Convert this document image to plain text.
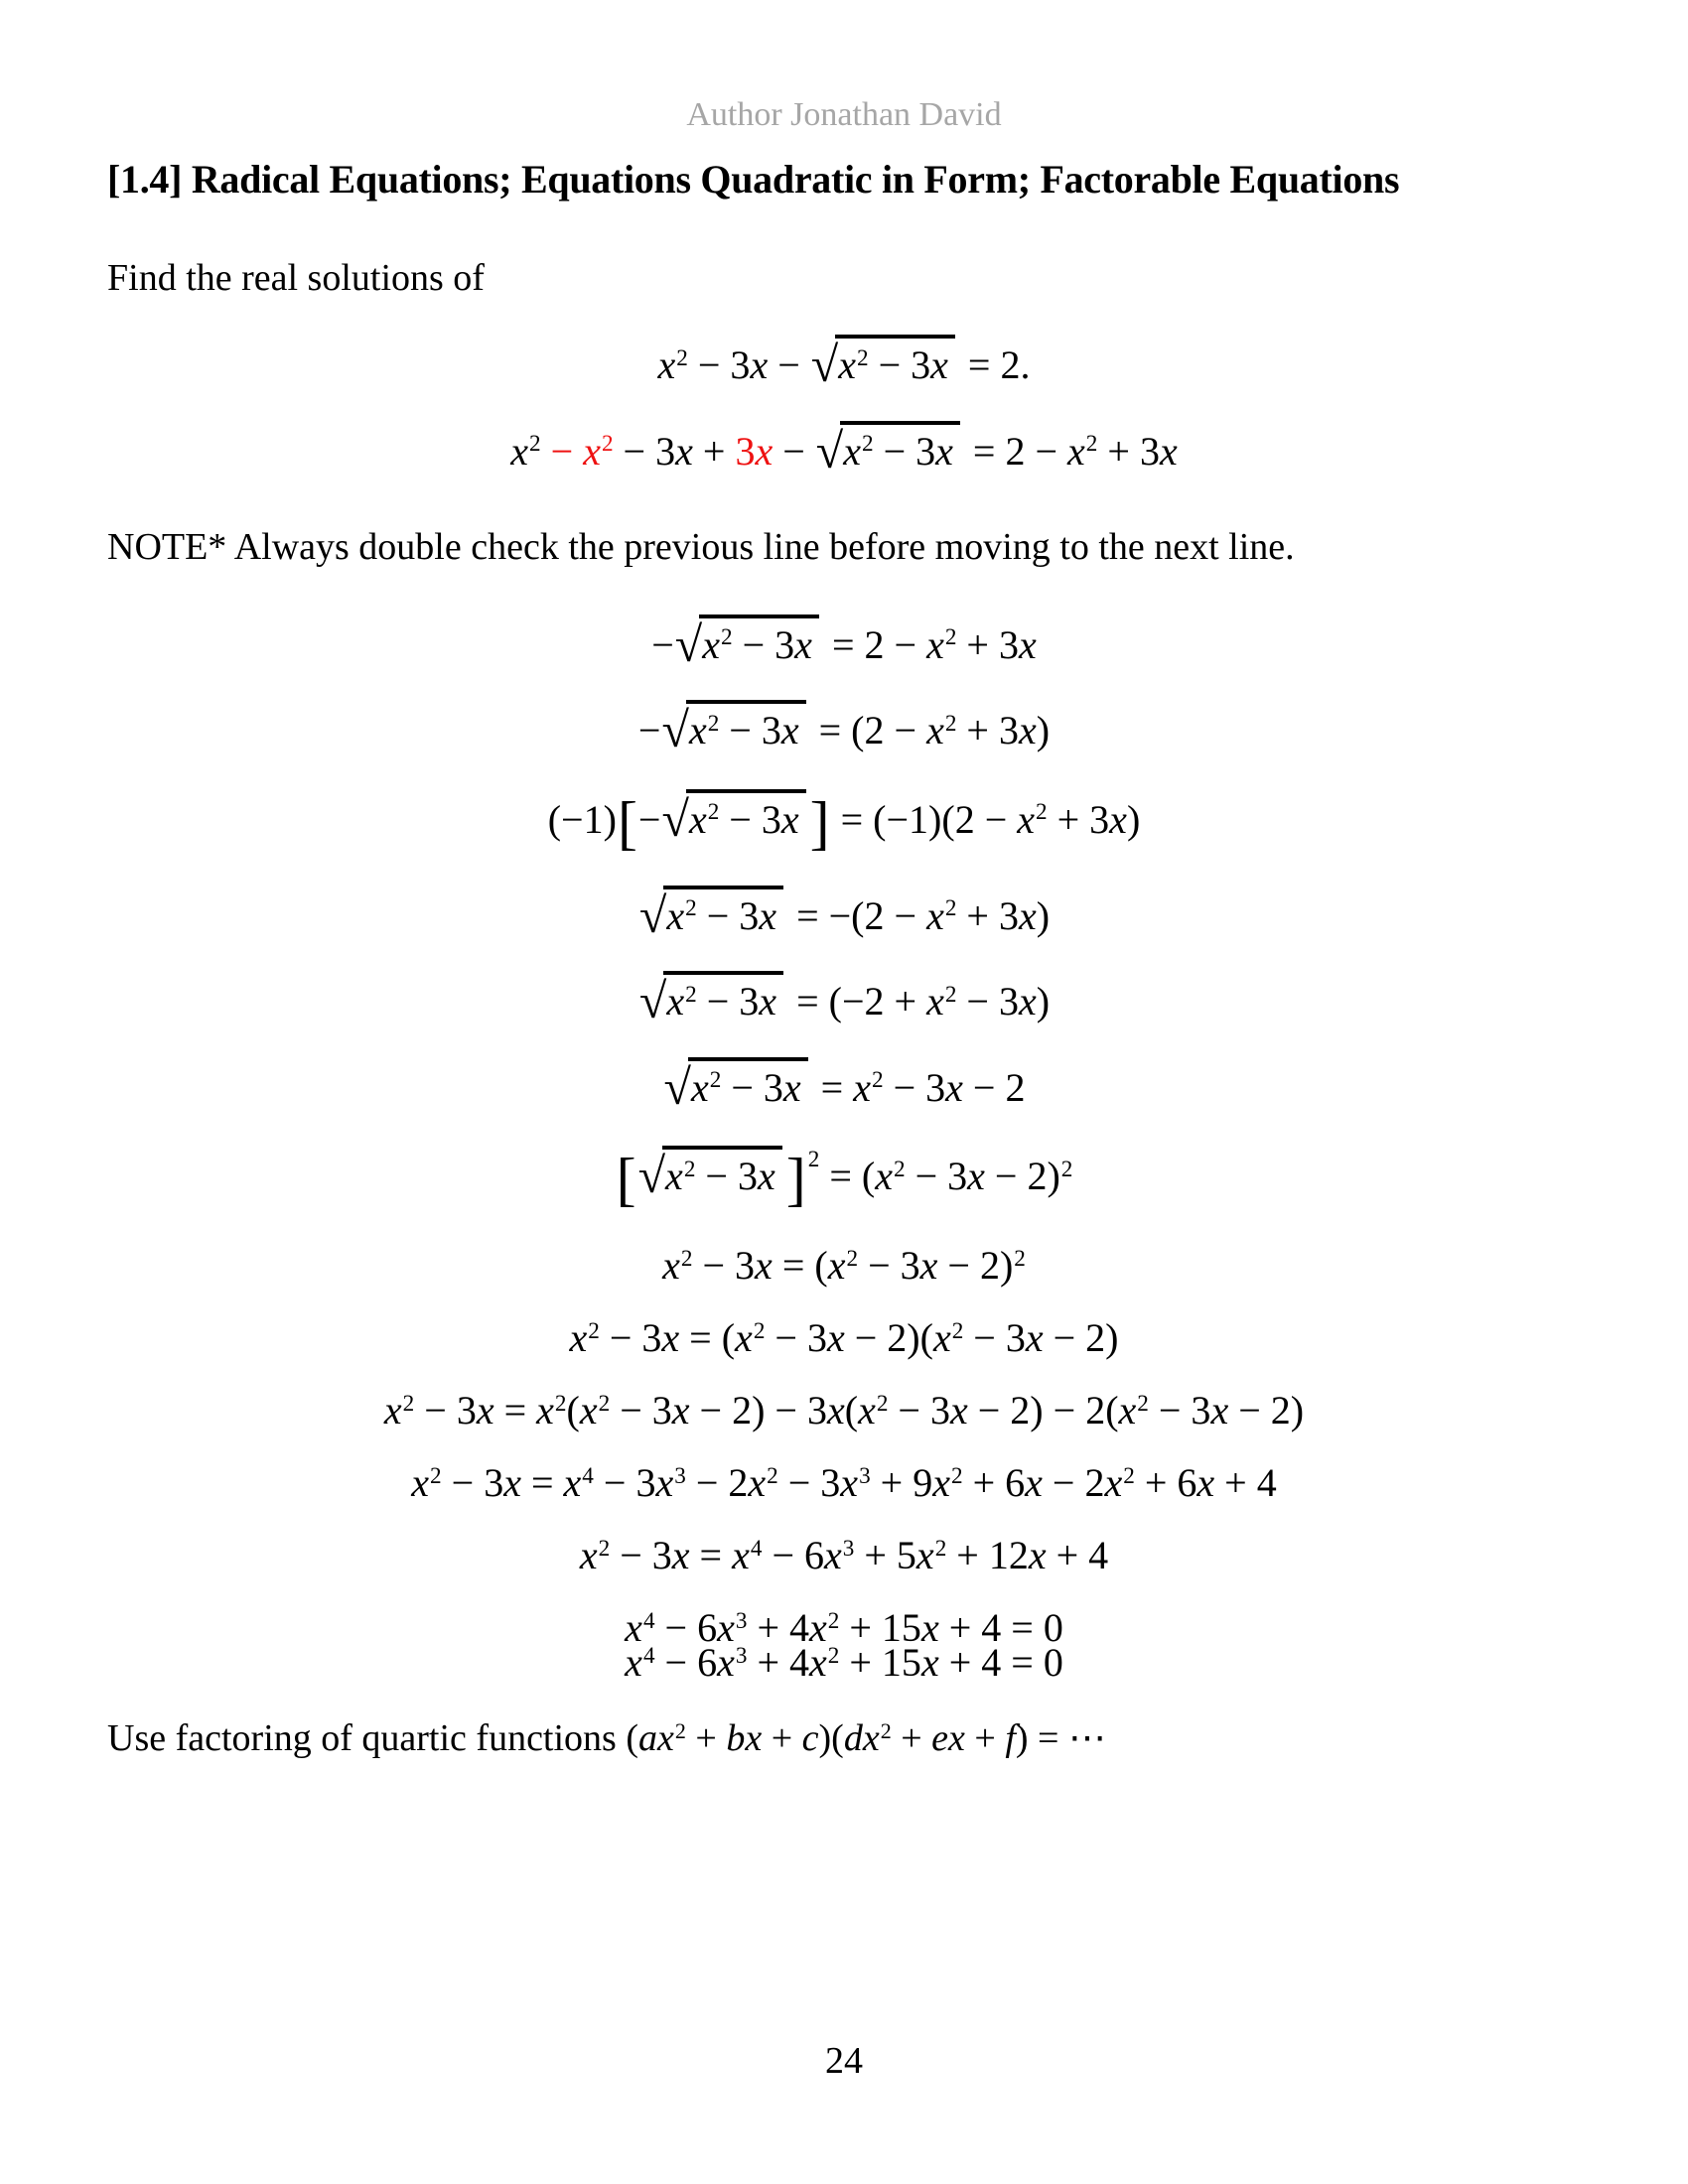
Author Jonathan David
[1.4] Radical Equations; Equations Quadratic in Form; Factorable Equations

Find the real solutions of

$x^2 - 3x - √x^2 - 3x = 2$.
$x^2 - x^2 - 3x + 3x - √x^2 - 3x = 2 - x^2 + 3x$

NOTE* Always double check the previous line before moving to the next line.

$-√x^2 - 3x = 2 - x^2 + 3x$
$-√x^2 - 3x = (2 - x^2 + 3x)$
$(-1)[-√x^2 - 3x$ ] = $(-1)(2 - x^2 + 3x)$
$√x^2 - 3x = -(2 - x^2 + 3x)$
$√x^2 - 3x = (-2 + x^2 - 3x)$
$√x^2 - 3x = x^2 - 3x - 2$
[$√x^2 - 3x$ ]$^2 = (x^2 - 3x - 2)^2$
$x^2 - 3x = (x^2 - 3x - 2)^2$
$x^2 - 3x = (x^2 - 3x - 2)(x^2 - 3x - 2)$
$x^2 - 3x = x^2(x^2 - 3x - 2) - 3x(x^2 - 3x - 2) - 2(x^2 - 3x - 2)$
$x^2 - 3x = x^4 - 3x^3 - 2x^2 - 3x^3 + 9x^2 + 6x - 2x^2 + 6x + 4$
$x^2 - 3x = x^4 - 6x^3 + 5x^2 + 12x + 4$
$x^4 - 6x^3 + 4x^2 + 15x + 4 = 0$
$x^4 - 6x^3 + 4x^2 + 15x + 4 = 0$

Use factoring of quartic functions ($ax^2$ + bx + $c)(dx^2$ + ex + f) = ⋯

24
